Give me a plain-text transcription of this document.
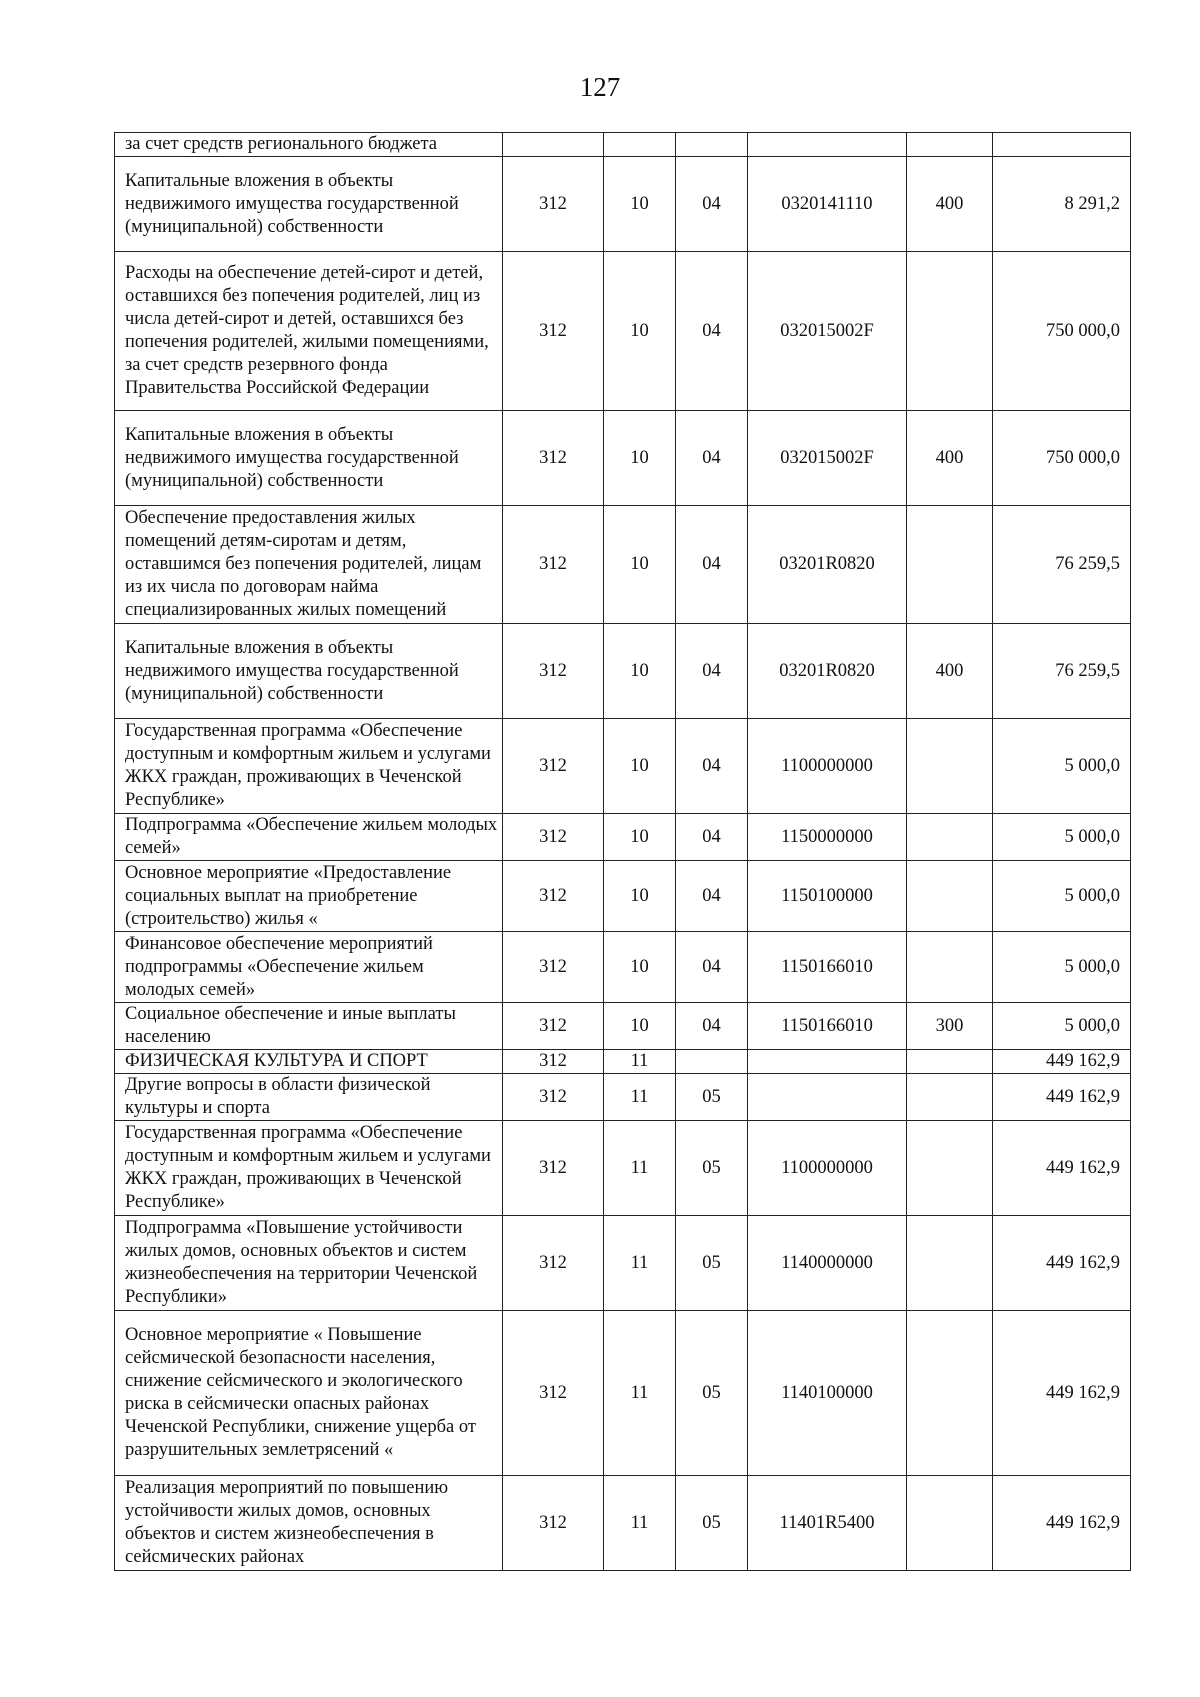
127
за счет средств регионального бюджета						
Капитальные вложения в объекты недвижимого имущества государственной (муниципальной) собственности	312	10	04	0320141110	400	8 291,2
Расходы на обеспечение детей-сирот и детей, оставшихся без попечения родителей, лиц из числа детей-сирот и детей, оставшихся без попечения родителей, жилыми помещениями, за счет средств резервного фонда Правительства Российской Федерации	312	10	04	032015002F		750 000,0
Капитальные вложения в объекты недвижимого имущества государственной (муниципальной) собственности	312	10	04	032015002F	400	750 000,0
Обеспечение предоставления жилых помещений детям-сиротам и детям, оставшимся без попечения родителей, лицам из их числа по договорам найма специализированных жилых помещений	312	10	04	03201R0820		76 259,5
Капитальные вложения в объекты недвижимого имущества государственной (муниципальной) собственности	312	10	04	03201R0820	400	76 259,5
Государственная программа «Обеспечение доступным и комфортным жильем и услугами ЖКХ граждан, проживающих в Чеченской Республике»	312	10	04	1100000000		5 000,0
Подпрограмма «Обеспечение жильем молодых семей»	312	10	04	1150000000		5 000,0
Основное мероприятие «Предоставление социальных выплат на приобретение (строительство) жилья «	312	10	04	1150100000		5 000,0
Финансовое обеспечение мероприятий подпрограммы «Обеспечение жильем молодых семей»	312	10	04	1150166010		5 000,0
Социальное обеспечение и иные выплаты населению	312	10	04	1150166010	300	5 000,0
ФИЗИЧЕСКАЯ КУЛЬТУРА И СПОРТ	312	11				449 162,9
Другие вопросы в области физической культуры и спорта	312	11	05			449 162,9
Государственная программа «Обеспечение доступным и комфортным жильем и услугами ЖКХ граждан, проживающих в Чеченской Республике»	312	11	05	1100000000		449 162,9
Подпрограмма «Повышение устойчивости жилых домов, основных объектов и систем жизнеобеспечения на территории Чеченской Республики»	312	11	05	1140000000		449 162,9
Основное мероприятие « Повышение сейсмической безопасности населения, снижение сейсмического и экологического риска в сейсмически опасных районах Чеченской Республики, снижение ущерба от разрушительных землетрясений «	312	11	05	1140100000		449 162,9
Реализация мероприятий по повышению устойчивости жилых домов, основных объектов и систем жизнеобеспечения в сейсмических районах	312	11	05	11401R5400		449 162,9
